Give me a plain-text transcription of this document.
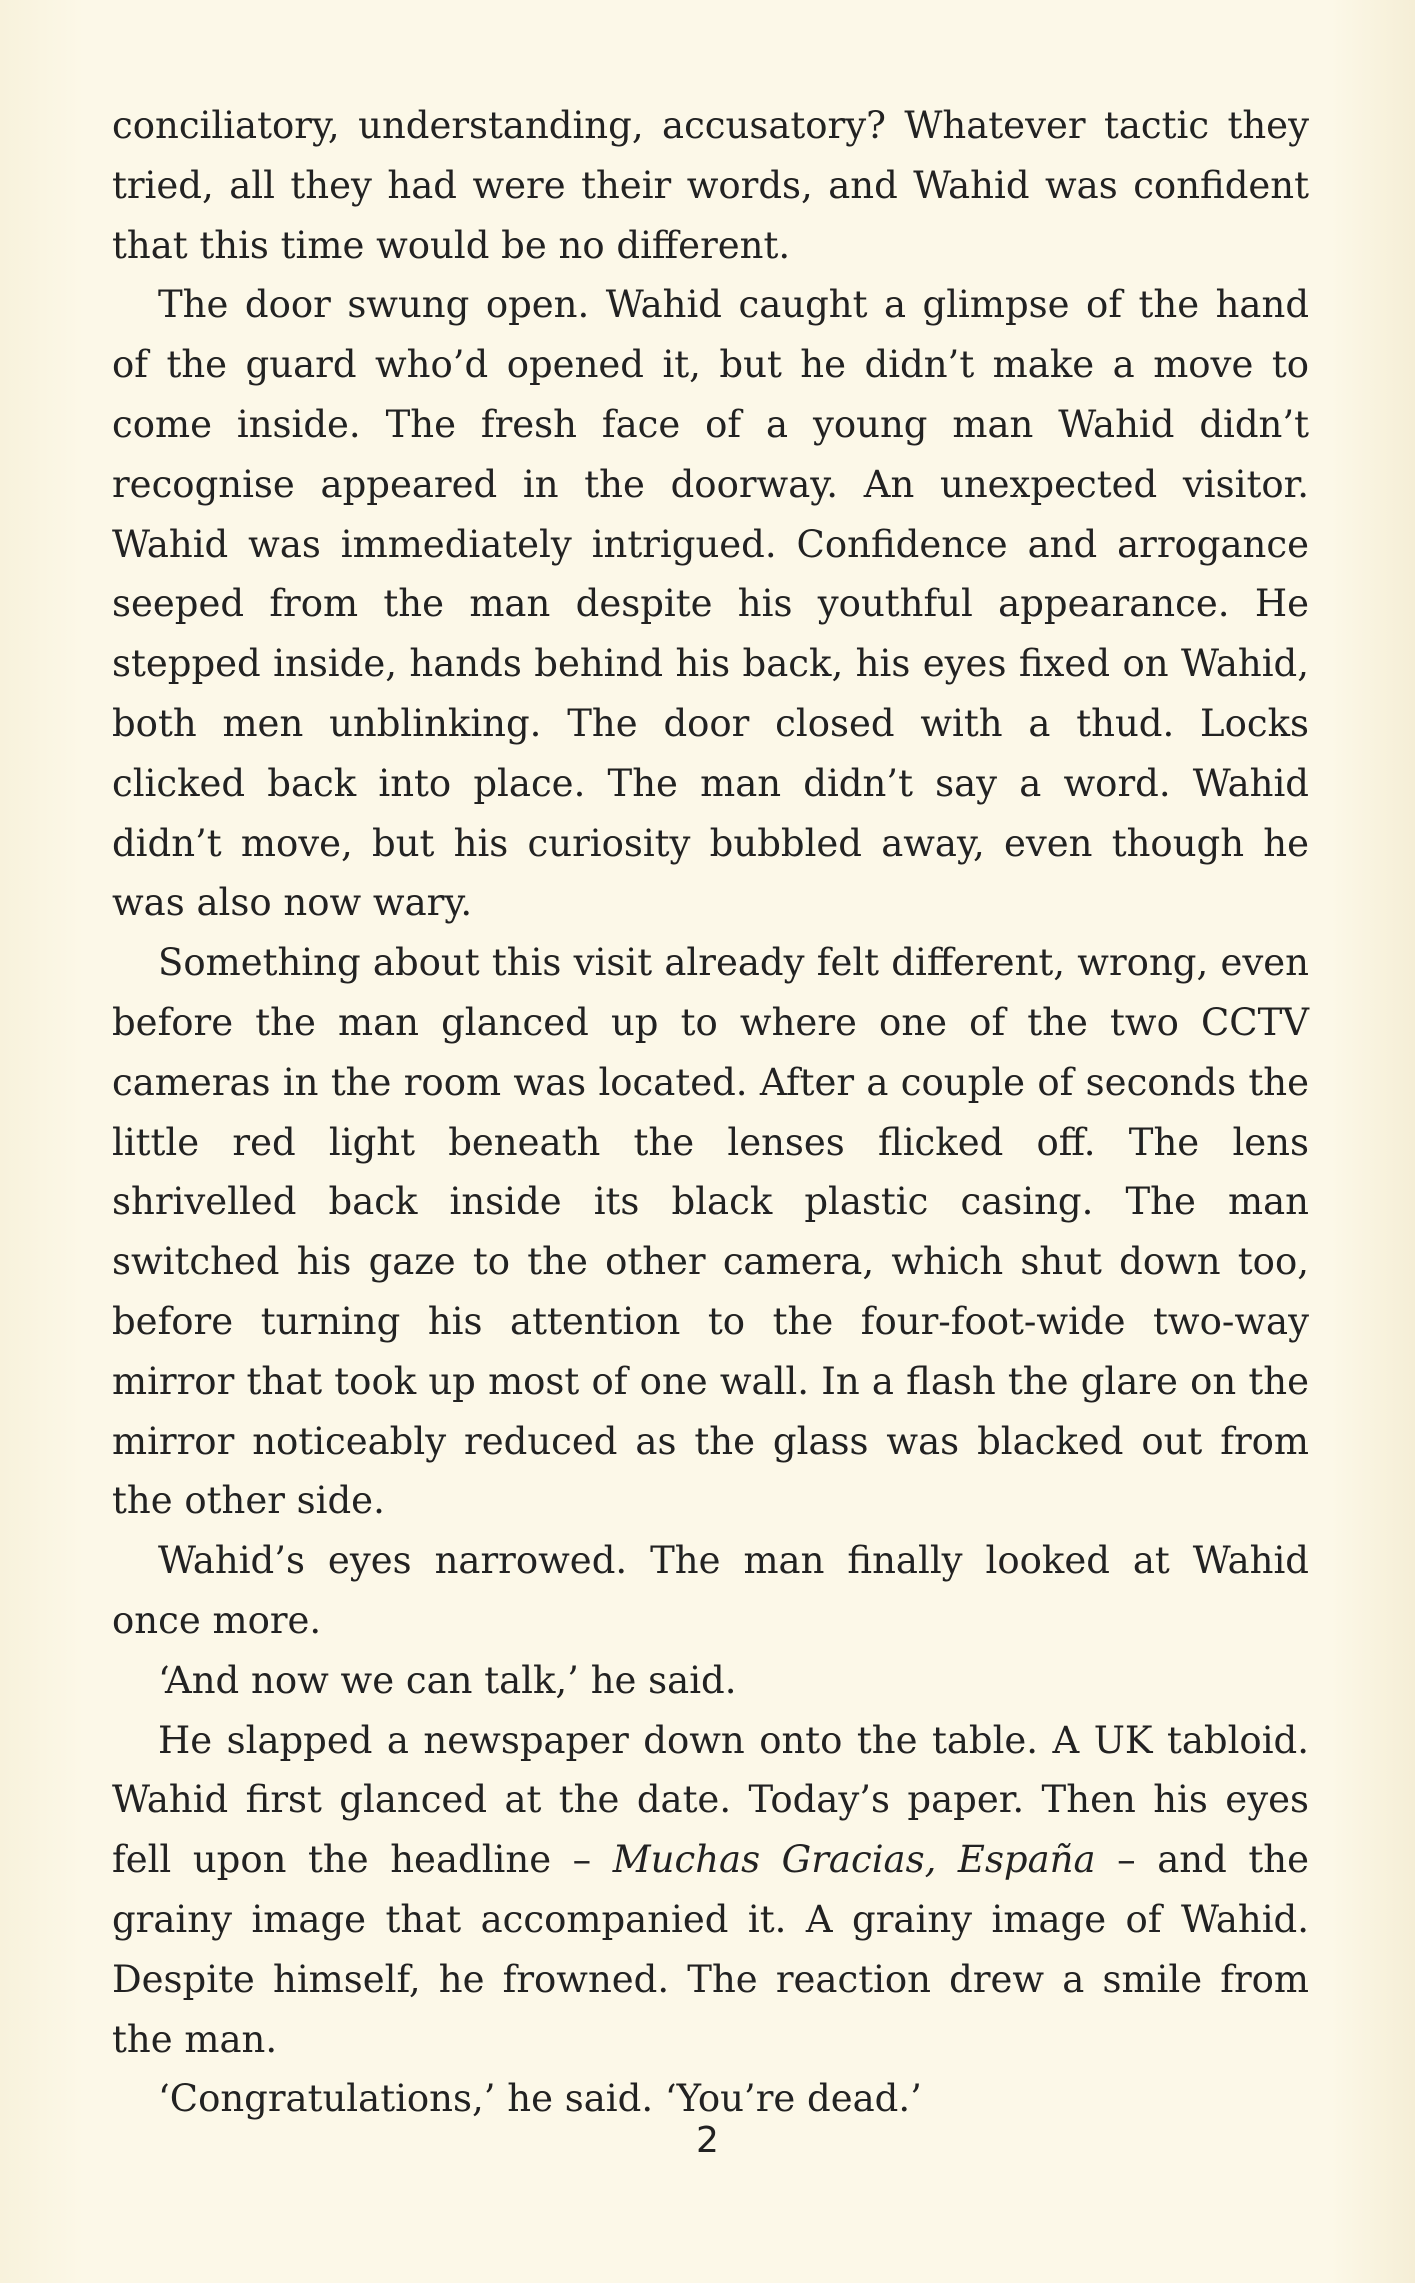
conciliatory, understanding, accusatory? Whatever tactic they tried, all they had were their words, and Wahid was confident that this time would be no different.

The door swung open. Wahid caught a glimpse of the hand of the guard who’d opened it, but he didn’t make a move to come inside. The fresh face of a young man Wahid didn’t recognise appeared in the doorway. An unexpected visitor. Wahid was immediately intrigued. Confidence and arrogance seeped from the man despite his youthful appearance. He stepped inside, hands behind his back, his eyes fixed on Wahid, both men unblinking. The door closed with a thud. Locks clicked back into place. The man didn’t say a word. Wahid didn’t move, but his curiosity bubbled away, even though he was also now wary.

Something about this visit already felt different, wrong, even before the man glanced up to where one of the two CCTV cameras in the room was located. After a couple of seconds the little red light beneath the lenses flicked off. The lens shrivelled back inside its black plastic casing. The man switched his gaze to the other camera, which shut down too, before turning his attention to the four-foot-wide two-way mirror that took up most of one wall. In a flash the glare on the mirror noticeably reduced as the glass was blacked out from the other side.

Wahid’s eyes narrowed. The man finally looked at Wahid once more.

‘And now we can talk,’ he said.

He slapped a newspaper down onto the table. A UK tabloid. Wahid first glanced at the date. Today’s paper. Then his eyes fell upon the headline – Muchas Gracias, España – and the grainy image that accompanied it. A grainy image of Wahid. Despite himself, he frowned. The reaction drew a smile from the man.

‘Congratulations,’ he said. ‘You’re dead.’

2
